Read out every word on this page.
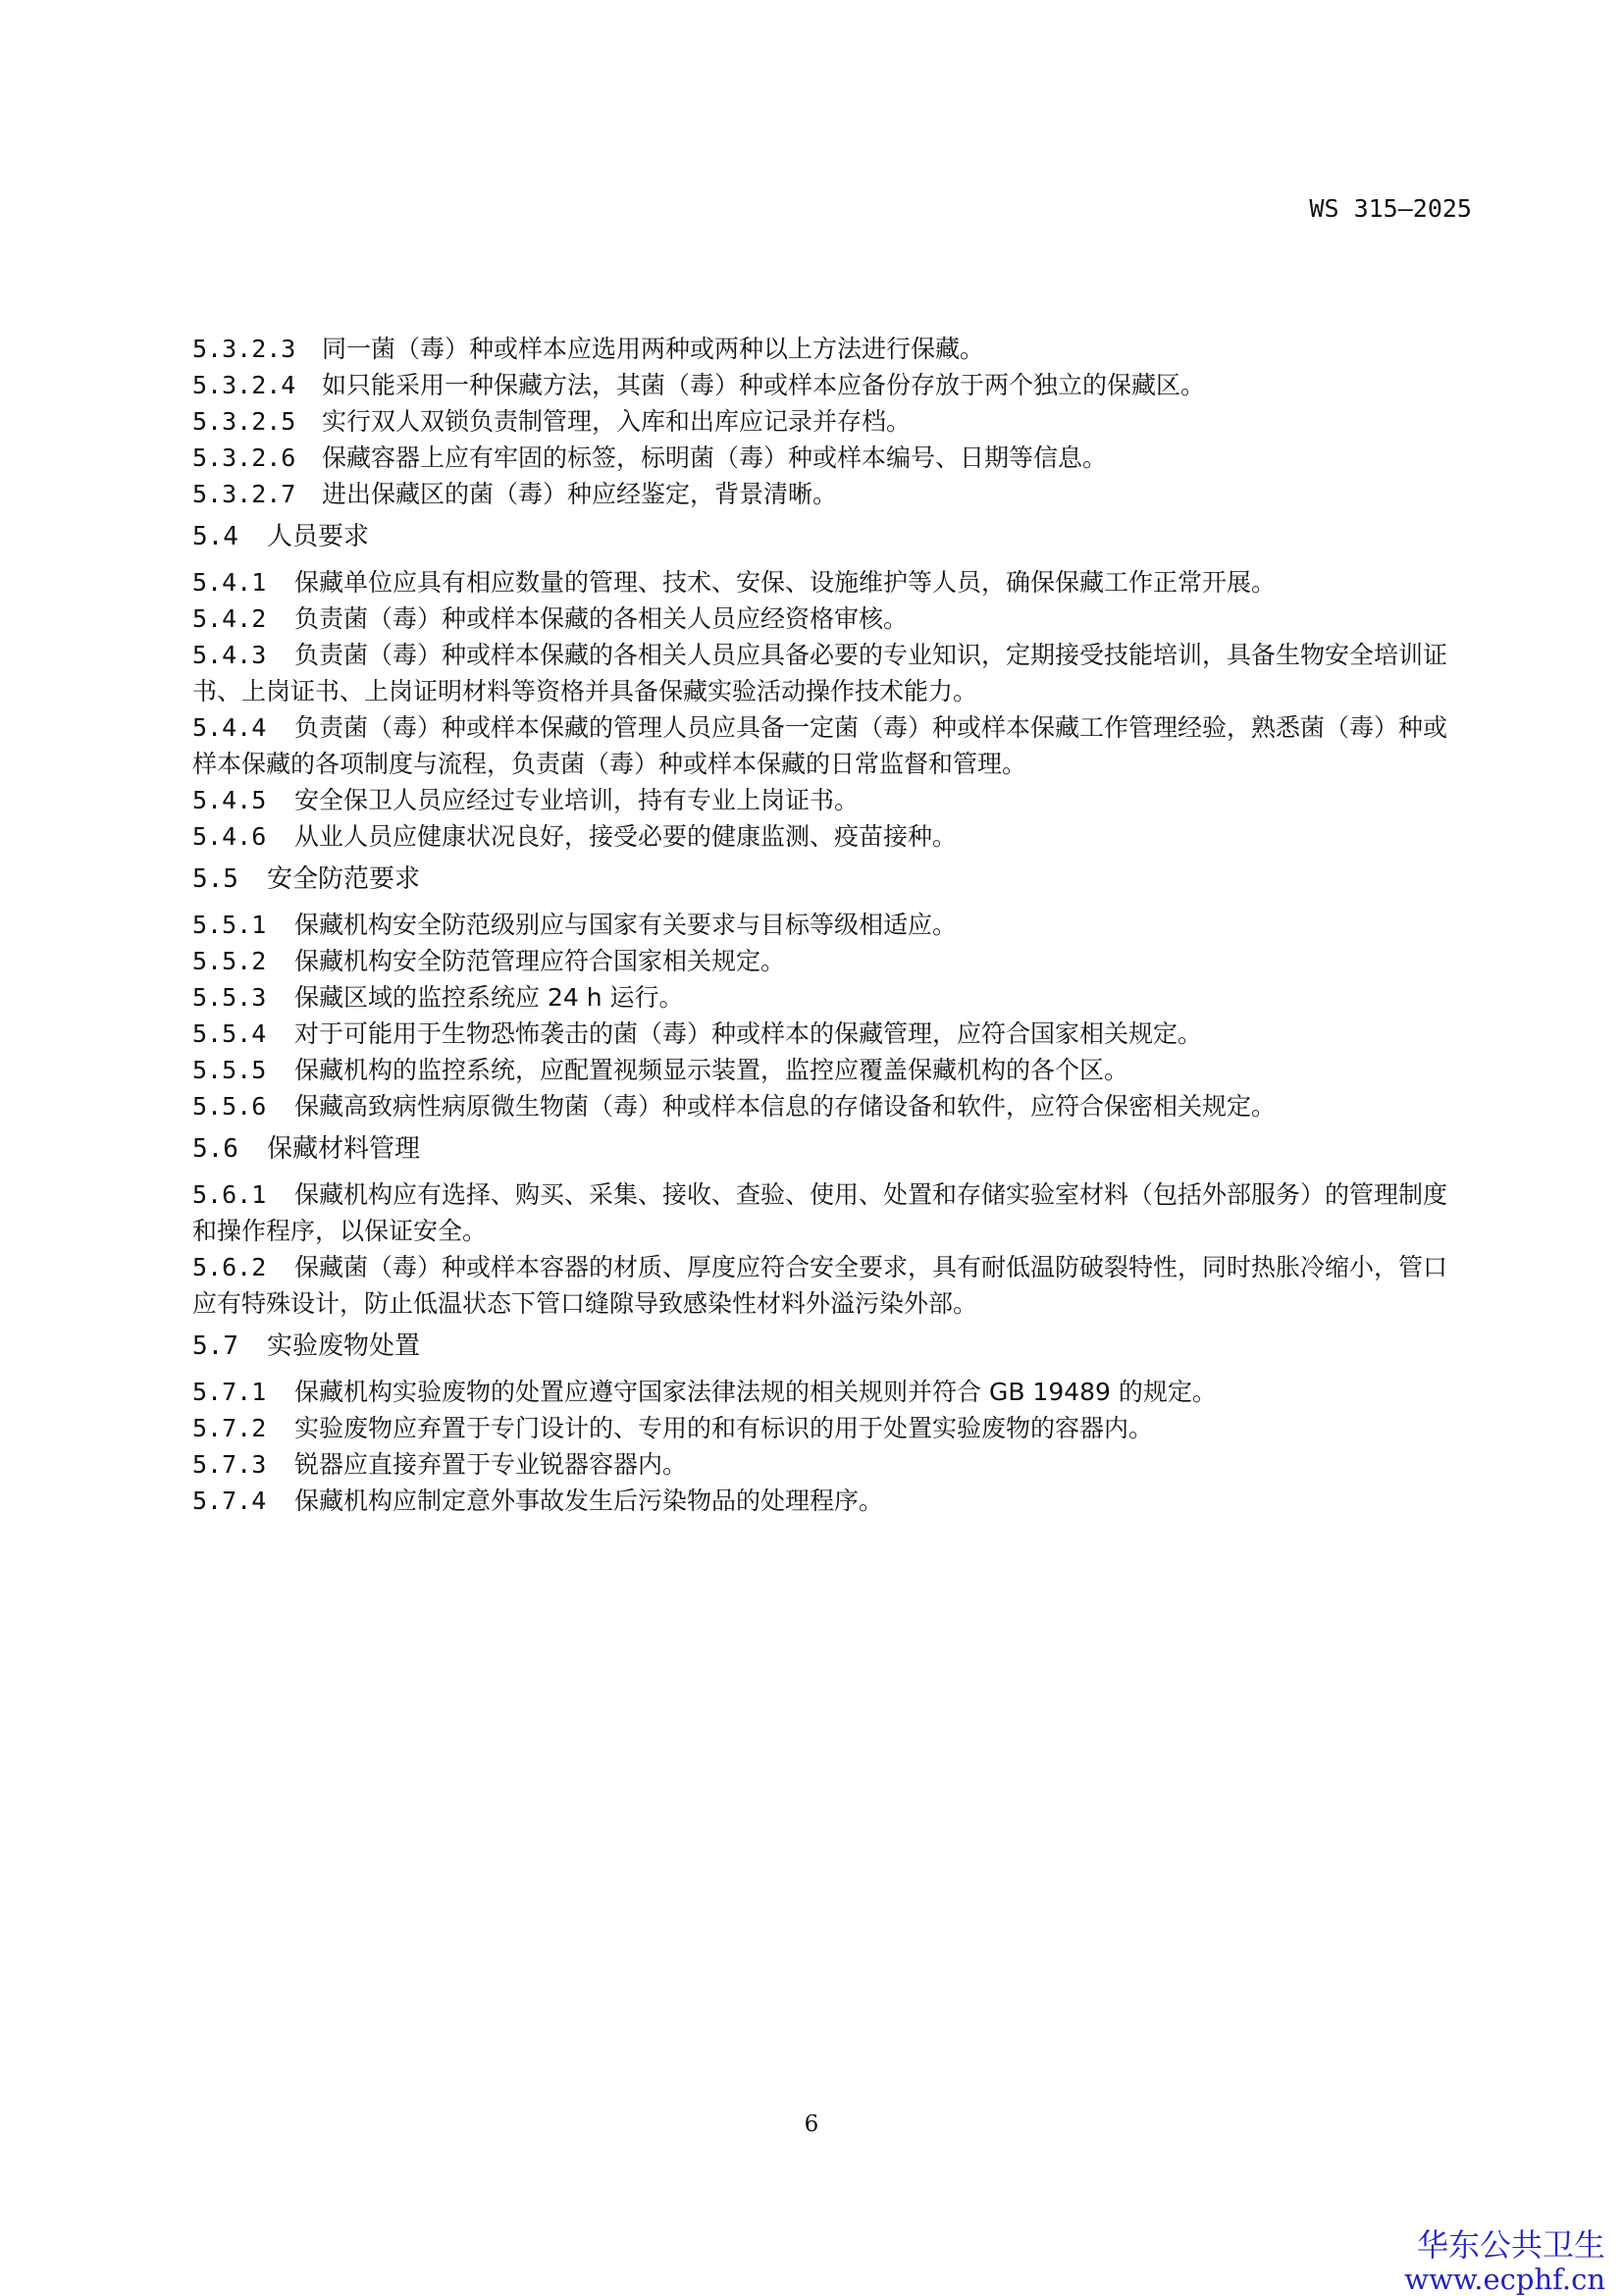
WS 315—2025

5.3.2.3 同一菌（毒）种或样本应选用两种或两种以上方法进行保藏。

5.3.2.4 如只能采用一种保藏方法，其菌（毒）种或样本应备份存放于两个独立的保藏区。

5.3.2.5 实行双人双锁负责制管理，入库和出库应记录并存档。

5.3.2.6 保藏容器上应有牢固的标签，标明菌（毒）种或样本编号、日期等信息。

5.3.2.7 进出保藏区的菌（毒）种应经鉴定，背景清晰。

5.4 人员要求

5.4.1 保藏单位应具有相应数量的管理、技术、安保、设施维护等人员，确保保藏工作正常开展。

5.4.2 负责菌（毒）种或样本保藏的各相关人员应经资格审核。

5.4.3 负责菌（毒）种或样本保藏的各相关人员应具备必要的专业知识，定期接受技能培训，具备生物安全培训证书、上岗证书、上岗证明材料等资格并具备保藏实验活动操作技术能力。

5.4.4 负责菌（毒）种或样本保藏的管理人员应具备一定菌（毒）种或样本保藏工作管理经验，熟悉菌（毒）种或样本保藏的各项制度与流程，负责菌（毒）种或样本保藏的日常监督和管理。

5.4.5 安全保卫人员应经过专业培训，持有专业上岗证书。

5.4.6 从业人员应健康状况良好，接受必要的健康监测、疫苗接种。

5.5 安全防范要求

5.5.1 保藏机构安全防范级别应与国家有关要求与目标等级相适应。

5.5.2 保藏机构安全防范管理应符合国家相关规定。

5.5.3 保藏区域的监控系统应 24 h 运行。

5.5.4 对于可能用于生物恐怖袭击的菌（毒）种或样本的保藏管理，应符合国家相关规定。

5.5.5 保藏机构的监控系统，应配置视频显示装置，监控应覆盖保藏机构的各个区。

5.5.6 保藏高致病性病原微生物菌（毒）种或样本信息的存储设备和软件，应符合保密相关规定。

5.6 保藏材料管理

5.6.1 保藏机构应有选择、购买、采集、接收、查验、使用、处置和存储实验室材料（包括外部服务）的管理制度和操作程序，以保证安全。

5.6.2 保藏菌（毒）种或样本容器的材质、厚度应符合安全要求，具有耐低温防破裂特性，同时热胀冷缩小，管口应有特殊设计，防止低温状态下管口缝隙导致感染性材料外溢污染外部。

5.7 实验废物处置

5.7.1 保藏机构实验废物的处置应遵守国家法律法规的相关规则并符合 GB 19489 的规定。

5.7.2 实验废物应弃置于专门设计的、专用的和有标识的用于处置实验废物的容器内。

5.7.3 锐器应直接弃置于专业锐器容器内。

5.7.4 保藏机构应制定意外事故发生后污染物品的处理程序。

6
华东公共卫生
www.ecphf.cn
